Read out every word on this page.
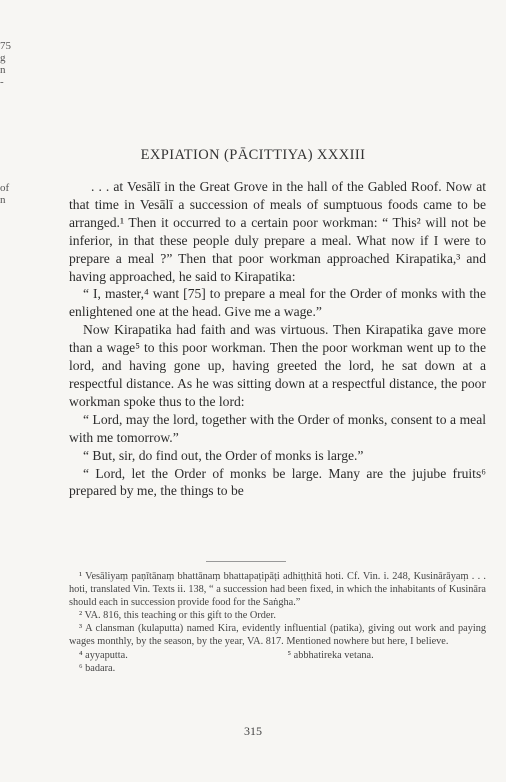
75
g
n
-
of
n
EXPIATION (PĀCITTIYA) XXXIII

. . . at Vesālī in the Great Grove in the hall of the Gabled Roof. Now at that time in Vesālī a succession of meals of sumptuous foods came to be arranged.¹ Then it occurred to a certain poor workman: “ This² will not be inferior, in that these people duly prepare a meal. What now if I were to prepare a meal ?” Then that poor workman approached Kirapatika,³ and having approached, he said to Kirapatika:

“ I, master,⁴ want [75] to prepare a meal for the Order of monks with the enlightened one at the head. Give me a wage.”

Now Kirapatika had faith and was virtuous. Then Kirapatika gave more than a wage⁵ to this poor workman. Then the poor workman went up to the lord, and having gone up, having greeted the lord, he sat down at a respectful distance. As he was sitting down at a respectful distance, the poor workman spoke thus to the lord:

“ Lord, may the lord, together with the Order of monks, consent to a meal with me tomorrow.”

“ But, sir, do find out, the Order of monks is large.”

“ Lord, let the Order of monks be large. Many are the jujube fruits⁶ prepared by me, the things to be

¹ Vesāliyaṃ paṇītānaṃ bhattānaṃ bhattapaṭipāṭi adhiṭṭhitā hoti. Cf. Vin. i. 248, Kusinārāyaṃ . . . hoti, translated Vin. Texts ii. 138, “ a succession had been fixed, in which the inhabitants of Kusināra should each in succession provide food for the Saṅgha.”

² VA. 816, this teaching or this gift to the Order.

³ A clansman (kulaputta) named Kira, evidently influential (patika), giving out work and paying wages monthly, by the season, by the year, VA. 817. Mentioned nowhere but here, I believe.

⁴ ayyaputta.	⁵ abbhatireka vetana.

⁶ badara.

315
